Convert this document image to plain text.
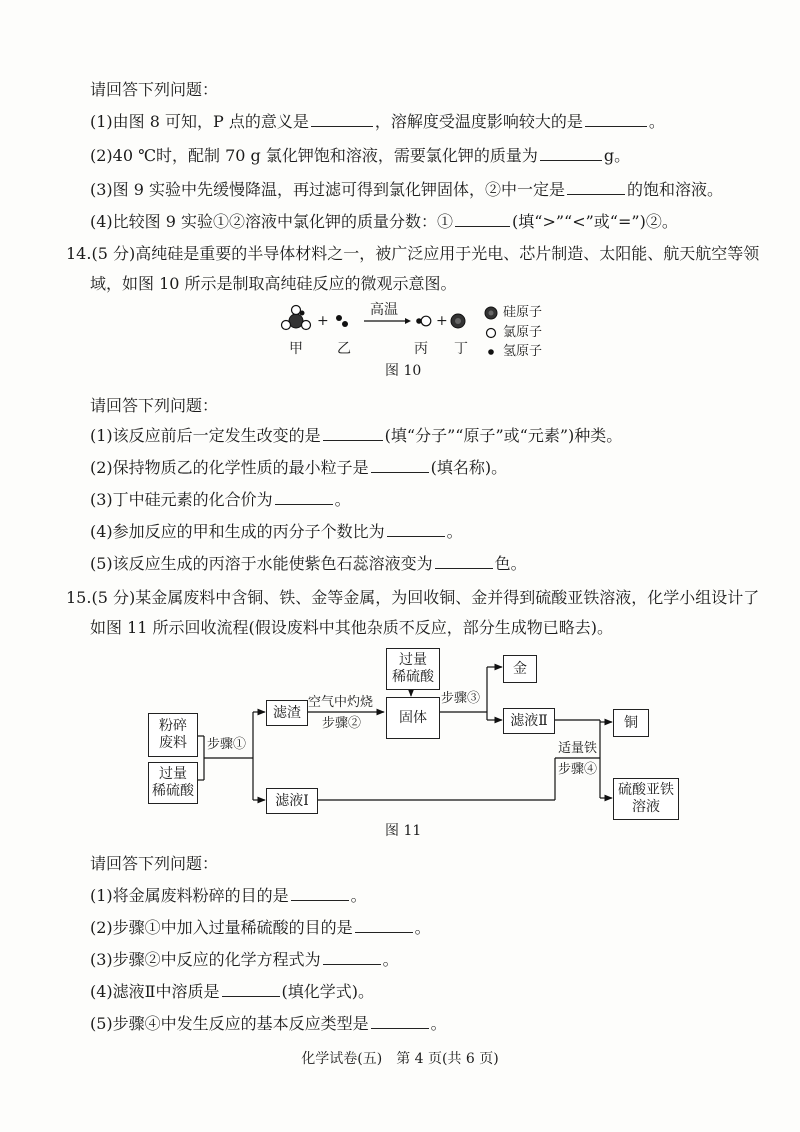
请回答下列问题：
(1)由图 8 可知，P 点的意义是	，溶解度受温度影响较大的是	。
(2)40 ℃时，配制 70 g 氯化钾饱和溶液，需要氯化钾的质量为	g。
(3)图 9 实验中先缓慢降温，再过滤可得到氯化钾固体，②中一定是	的饱和溶液。
(4)比较图 9 实验①②溶液中氯化钾的质量分数：①	(填“>”“<”或“=”)②。
14.(5 分)高纯硅是重要的半导体材料之一，被广泛应用于光电、芯片制造、太阳能、航天航空等领
域，如图 10 所示是制取高纯硅反应的微观示意图。
+	+
高温
甲 乙	丙 丁
硅原子
氯原子
氢原子
图 10
请回答下列问题：
(1)该反应前后一定发生改变的是	(填“分子”“原子”或“元素”)种类。
(2)保持物质乙的化学性质的最小粒子是	(填名称)。
(3)丁中硅元素的化合价为	。
(4)参加反应的甲和生成的丙分子个数比为	。
(5)该反应生成的丙溶于水能使紫色石蕊溶液变为	色。
15.(5 分)某金属废料中含铜、铁、金等金属，为回收铜、金并得到硫酸亚铁溶液，化学小组设计了
如图 11 所示回收流程(假设废料中其他杂质不反应，部分生成物已略去)。
粉碎
废料
过量
稀硫酸
滤渣
过量
稀硫酸
固体
金
滤液Ⅱ
滤液Ⅰ
铜
硫酸亚铁
溶液
步骤①
空气中灼烧
步骤②
步骤③
适量铁
步骤④
图 11
请回答下列问题：
(1)将金属废料粉碎的目的是	。
(2)步骤①中加入过量稀硫酸的目的是	。
(3)步骤②中反应的化学方程式为	。
(4)滤液Ⅱ中溶质是	(填化学式)。
(5)步骤④中发生反应的基本反应类型是	。
化学试卷(五)　第 4 页(共 6 页)
